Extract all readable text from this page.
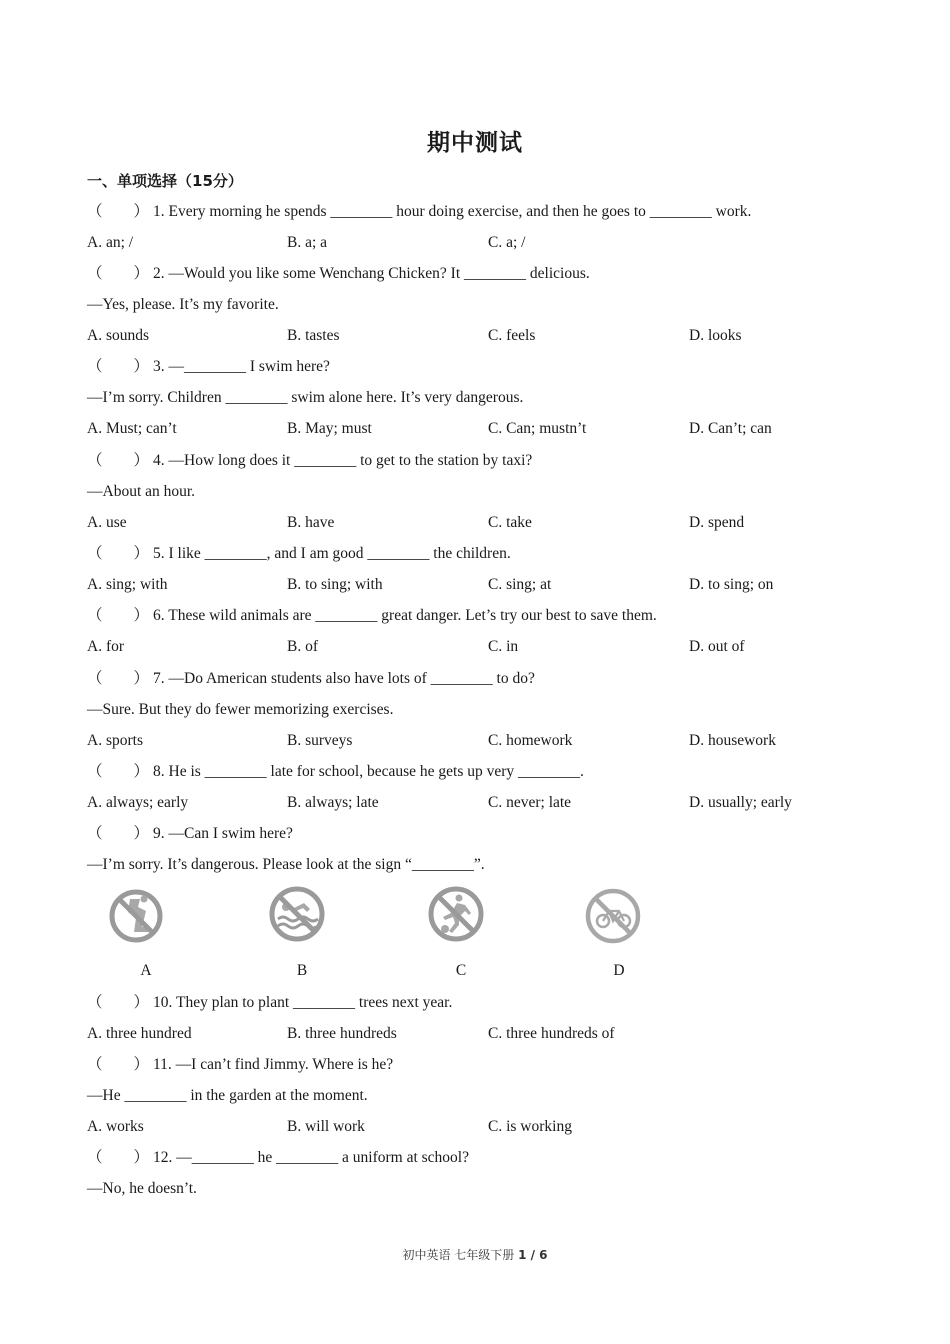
期中测试
一、单项选择（15分）
（　　） 1. Every morning he spends ________ hour doing exercise, and then he goes to ________ work.
A. an; /	B. a; a	C. a; /
（　　） 2. —Would you like some Wenchang Chicken? It ________ delicious.
—Yes, please. It’s my favorite.
A. sounds	B. tastes	C. feels	D. looks
（　　） 3. —________ I swim here?
—I’m sorry. Children ________ swim alone here. It’s very dangerous.
A. Must; can’t	B. May; must	C. Can; mustn’t	D. Can’t; can
（　　） 4. —How long does it ________ to get to the station by taxi?
—About an hour.
A. use	B. have	C. take	D. spend
（　　） 5. I like ________, and I am good ________ the children.
A. sing; with	B. to sing; with	C. sing; at	D. to sing; on
（　　） 6. These wild animals are ________ great danger. Let’s try our best to save them.
A. for	B. of	C. in	D. out of
（　　） 7. —Do American students also have lots of ________ to do?
—Sure. But they do fewer memorizing exercises.
A. sports	B. surveys	C. homework	D. housework
（　　） 8. He is ________ late for school, because he gets up very ________.
A. always; early	B. always; late	C. never; late	D. usually; early
（　　） 9. —Can I swim here?
—I’m sorry. It’s dangerous. Please look at the sign “________”.
A	B	C	D
（　　） 10. They plan to plant ________ trees next year.
A. three hundred	B. three hundreds	C. three hundreds of
（　　） 11. —I can’t find Jimmy. Where is he?
—He ________ in the garden at the moment.
A. works	B. will work	C. is working
（　　） 12. —________ he ________ a uniform at school?
—No, he doesn’t.
初中英语 七年级下册 1 / 6
